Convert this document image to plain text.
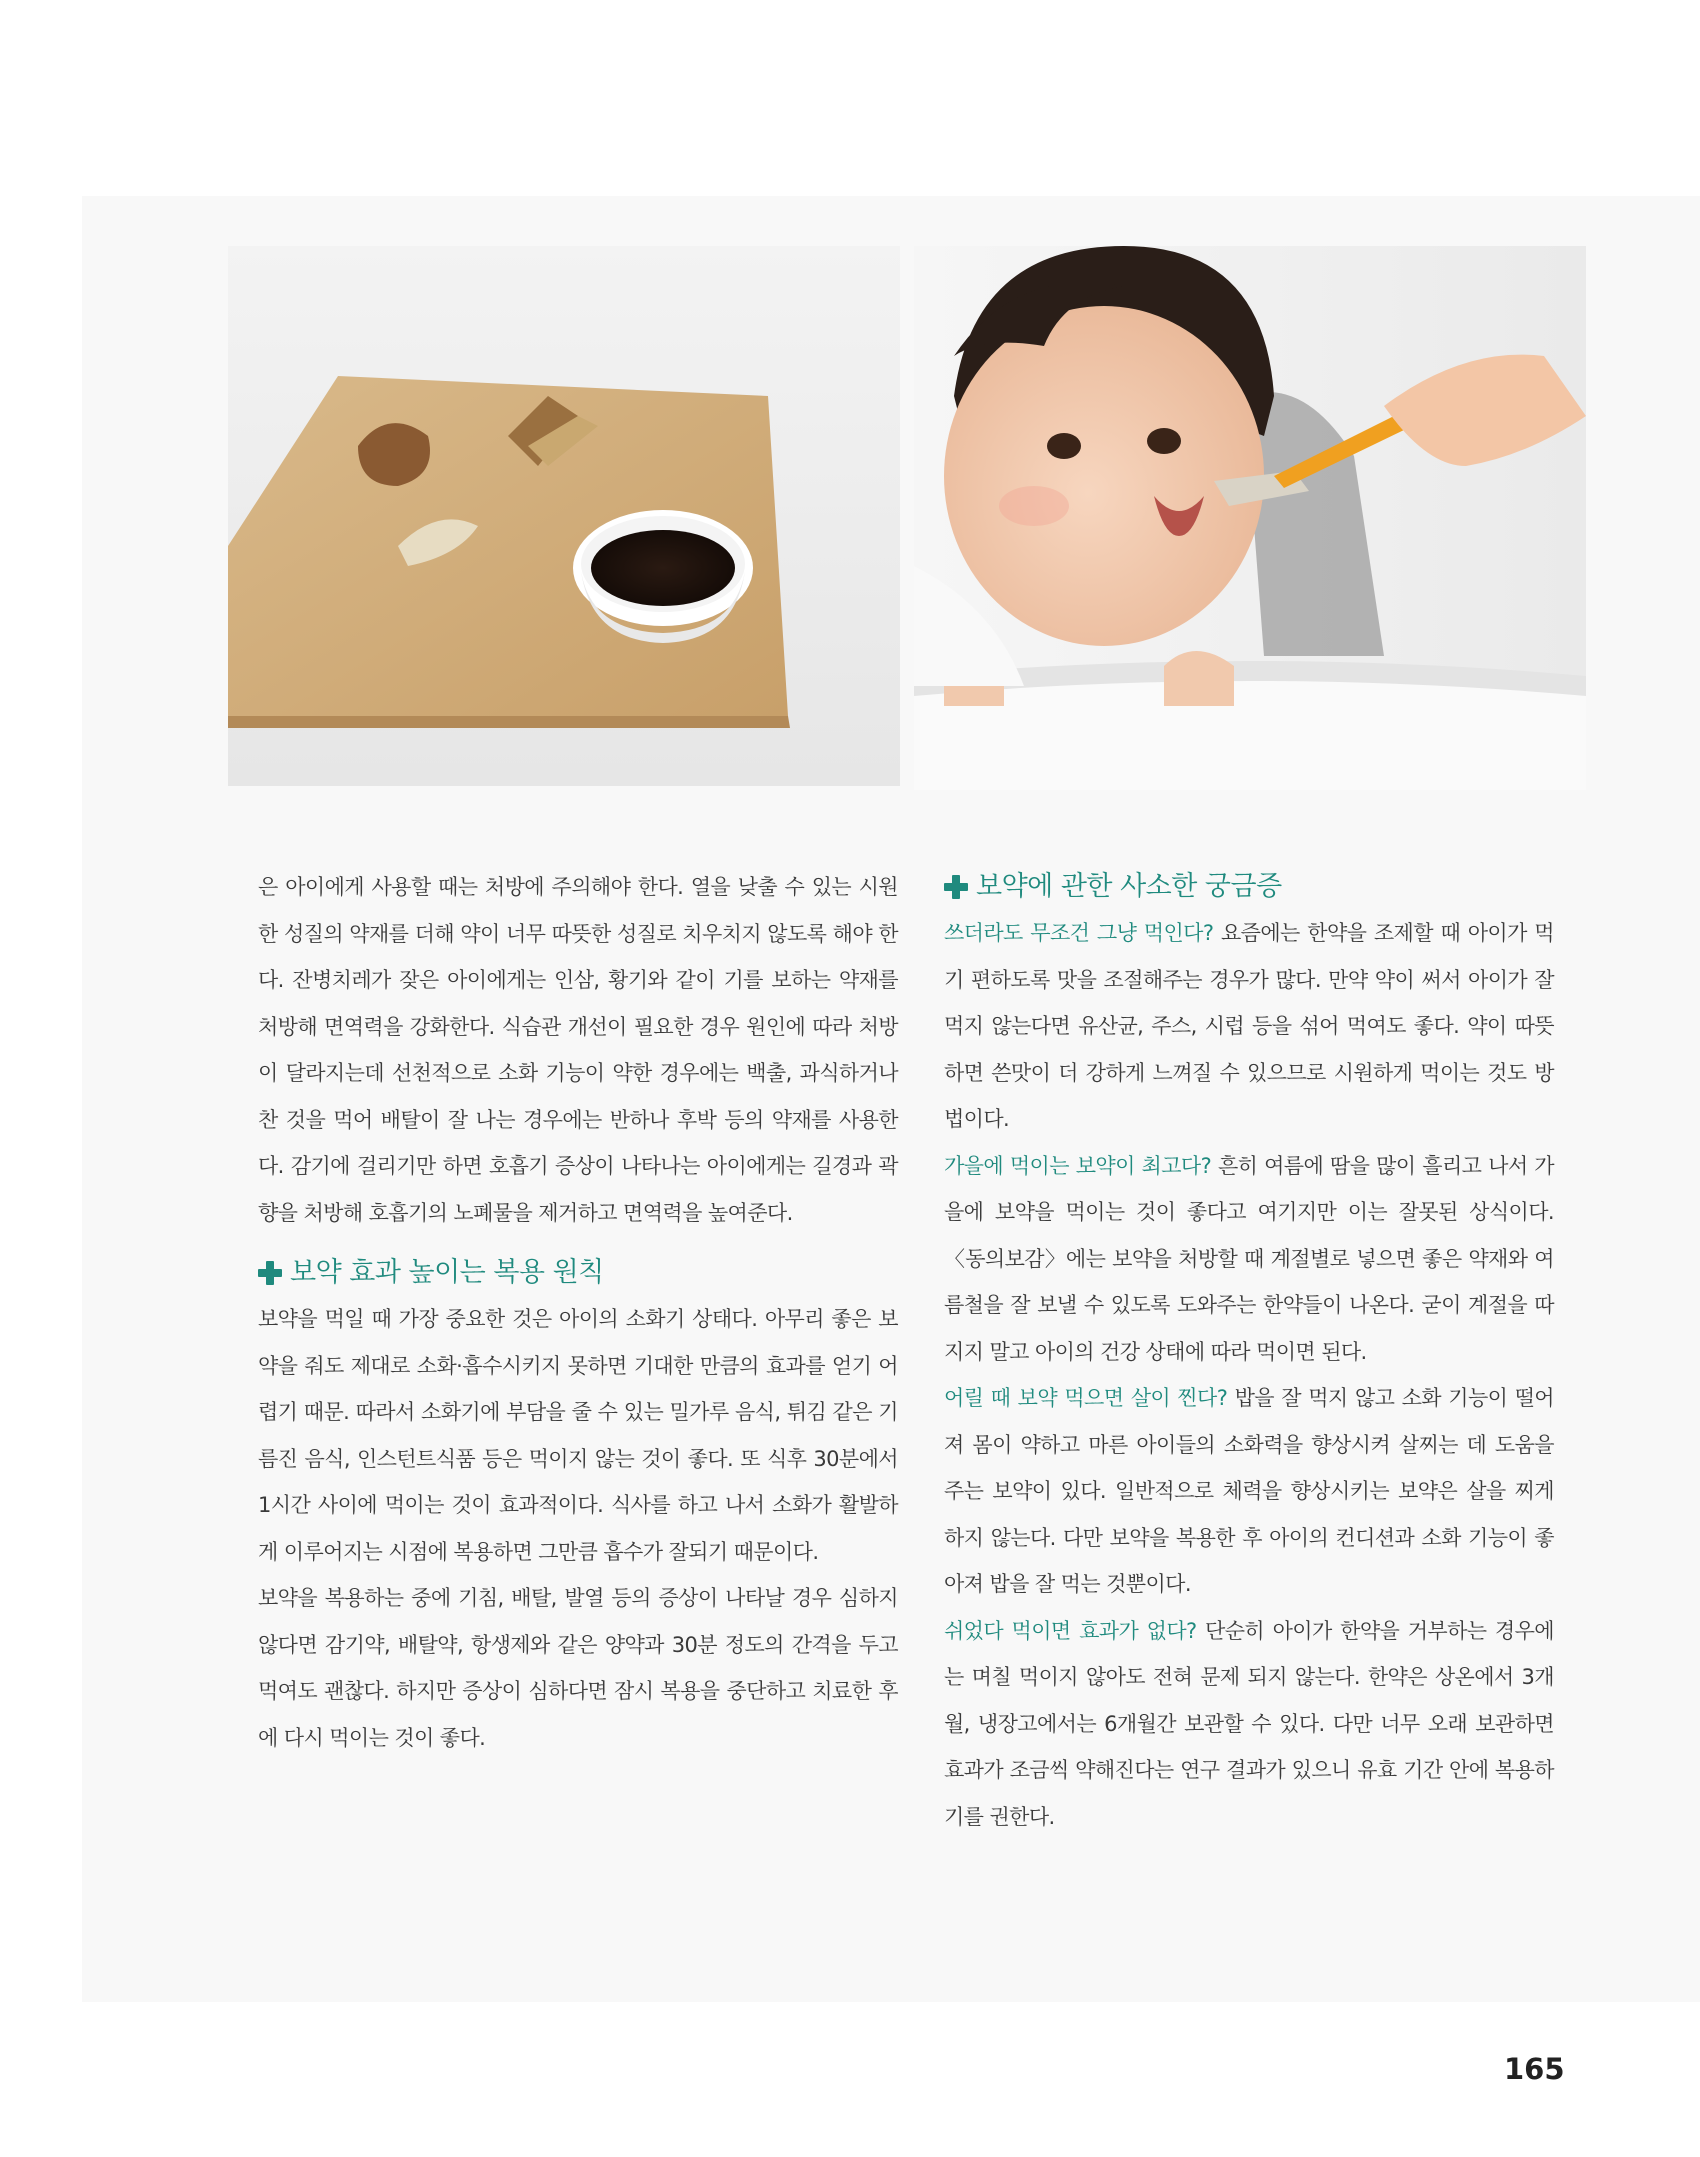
은 아이에게 사용할 때는 처방에 주의해야 한다. 열을 낮출 수 있는 시원한 성질의 약재를 더해 약이 너무 따뜻한 성질로 치우치지 않도록 해야 한다. 잔병치레가 잦은 아이에게는 인삼, 황기와 같이 기를 보하는 약재를 처방해 면역력을 강화한다. 식습관 개선이 필요한 경우 원인에 따라 처방이 달라지는데 선천적으로 소화 기능이 약한 경우에는 백출, 과식하거나 찬 것을 먹어 배탈이 잘 나는 경우에는 반하나 후박 등의 약재를 사용한다. 감기에 걸리기만 하면 호흡기 증상이 나타나는 아이에게는 길경과 곽향을 처방해 호흡기의 노폐물을 제거하고 면역력을 높여준다.

보약 효과 높이는 복용 원칙

보약을 먹일 때 가장 중요한 것은 아이의 소화기 상태다. 아무리 좋은 보약을 줘도 제대로 소화·흡수시키지 못하면 기대한 만큼의 효과를 얻기 어렵기 때문. 따라서 소화기에 부담을 줄 수 있는 밀가루 음식, 튀김 같은 기름진 음식, 인스턴트식품 등은 먹이지 않는 것이 좋다. 또 식후 30분에서 1시간 사이에 먹이는 것이 효과적이다. 식사를 하고 나서 소화가 활발하게 이루어지는 시점에 복용하면 그만큼 흡수가 잘되기 때문이다.

보약을 복용하는 중에 기침, 배탈, 발열 등의 증상이 나타날 경우 심하지 않다면 감기약, 배탈약, 항생제와 같은 양약과 30분 정도의 간격을 두고 먹여도 괜찮다. 하지만 증상이 심하다면 잠시 복용을 중단하고 치료한 후에 다시 먹이는 것이 좋다.

보약에 관한 사소한 궁금증

쓰더라도 무조건 그냥 먹인다? 요즘에는 한약을 조제할 때 아이가 먹기 편하도록 맛을 조절해주는 경우가 많다. 만약 약이 써서 아이가 잘 먹지 않는다면 유산균, 주스, 시럽 등을 섞어 먹여도 좋다. 약이 따뜻하면 쓴맛이 더 강하게 느껴질 수 있으므로 시원하게 먹이는 것도 방법이다.

가을에 먹이는 보약이 최고다? 흔히 여름에 땀을 많이 흘리고 나서 가을에 보약을 먹이는 것이 좋다고 여기지만 이는 잘못된 상식이다. 〈동의보감〉에는 보약을 처방할 때 계절별로 넣으면 좋은 약재와 여름철을 잘 보낼 수 있도록 도와주는 한약들이 나온다. 굳이 계절을 따지지 말고 아이의 건강 상태에 따라 먹이면 된다.

어릴 때 보약 먹으면 살이 찐다? 밥을 잘 먹지 않고 소화 기능이 떨어져 몸이 약하고 마른 아이들의 소화력을 향상시켜 살찌는 데 도움을 주는 보약이 있다. 일반적으로 체력을 향상시키는 보약은 살을 찌게 하지 않는다. 다만 보약을 복용한 후 아이의 컨디션과 소화 기능이 좋아져 밥을 잘 먹는 것뿐이다.

쉬었다 먹이면 효과가 없다? 단순히 아이가 한약을 거부하는 경우에는 며칠 먹이지 않아도 전혀 문제 되지 않는다. 한약은 상온에서 3개월, 냉장고에서는 6개월간 보관할 수 있다. 다만 너무 오래 보관하면 효과가 조금씩 약해진다는 연구 결과가 있으니 유효 기간 안에 복용하기를 권한다.

165
